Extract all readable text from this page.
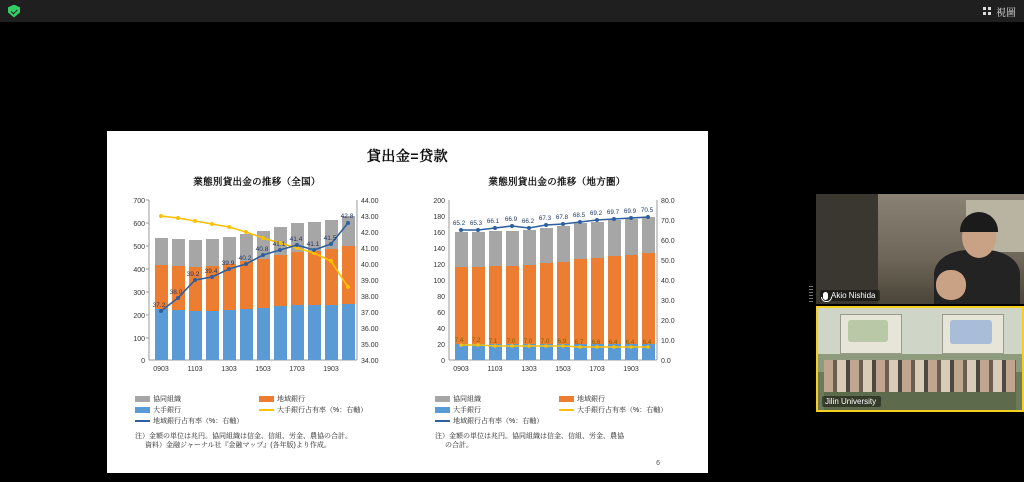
視圖
貸出金=贷款
業態別貸出金の推移（全国）
700
600
500
400
300
200
100
0
44.00
43.00
42.00
41.00
40.00
39.00
38.00
37.00
36.00
35.00
34.00
37.2
38.0
39.2 39.4
39.9
40.2
40.8
41.1
41.4
41.1
41.5
42.8
0903	1103	1303	1503	1703	1903
協同組織	地域銀行
大手銀行	大手銀行占有率（%：右軸）
地域銀行占有率（%：右軸）
注）金額の単位は兆円。協同組織は信金、信組、労金、農協の合計。
資料）金融ジャーナル社『金融マップ』(各年版)より作成。
業態別貸出金の推移（地方圏）
200
180
160
140
120
100
80
60
40
20
0
80.0
70.0
60.0
50.0
40.0
30.0
20.0
10.0
0.0
65.2 65.3 66.1 66.9 66.2 67.3 67.8 68.5 69.2 69.7 69.9 70.5
7.4 7.2 7.1 7.0 7.0 7.0 6.9 6.7 6.6 6.4 6.4 6.4
0903	1103	1303	1503	1703	1903
協同組織	地域銀行
大手銀行	大手銀行占有率（%：右軸）
地域銀行占有率（%：右軸）
注）金額の単位は兆円。協同組織は信金、信組、労金、農協
の合計。
6
Akio Nishida
Jilin University
